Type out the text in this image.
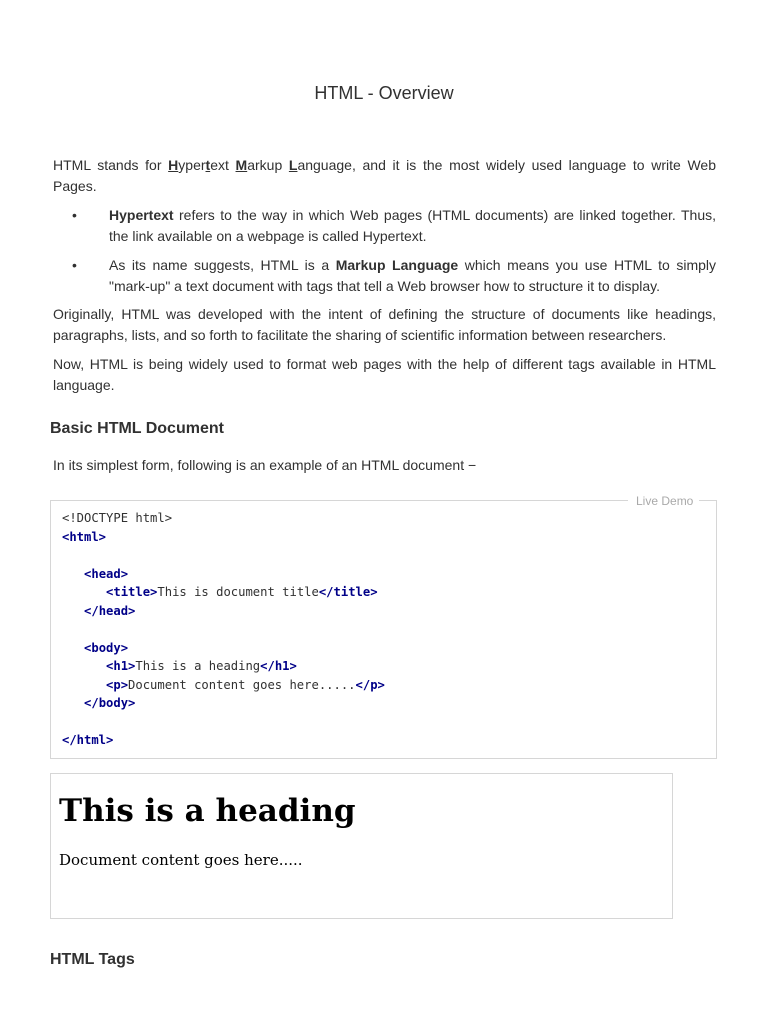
HTML - Overview

HTML stands for Hypertext Markup Language, and it is the most widely used language to write Web Pages.

• Hypertext refers to the way in which Web pages (HTML documents) are linked together. Thus, the link available on a webpage is called Hypertext.
• As its name suggests, HTML is a Markup Language which means you use HTML to simply "mark-up" a text document with tags that tell a Web browser how to structure it to display.

Originally, HTML was developed with the intent of defining the structure of documents like headings, paragraphs, lists, and so forth to facilitate the sharing of scientific information between researchers.

Now, HTML is being widely used to format web pages with the help of different tags available in HTML language.

Basic HTML Document

In its simplest form, following is an example of an HTML document −

Live Demo
<!DOCTYPE html>
<html>

<head>
<title>This is document title</title>
</head>

<body>
<h1>This is a heading</h1>
<p>Document content goes here.....</p>
</body>

</html>
This is a heading

Document content goes here.....

HTML Tags
